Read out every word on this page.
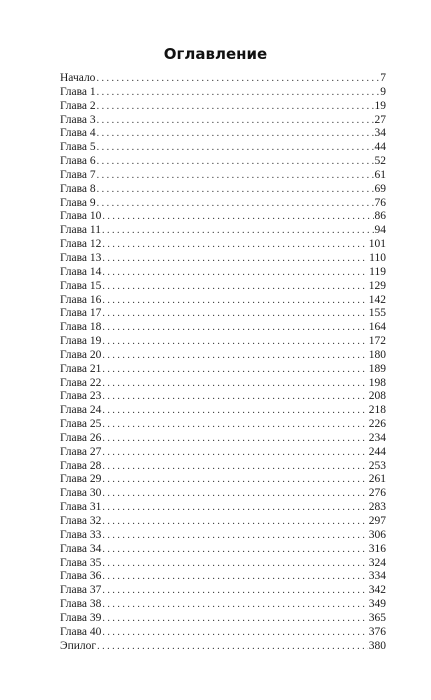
Оглавление
Начало . . .	7
Глава 1 . . .	9
Глава 2 . . .	19
Глава 3 . . .	27
Глава 4 . . .	34
Глава 5 . . .	44
Глава 6 . . .	52
Глава 7 . . .	61
Глава 8 . . .	69
Глава 9 . . .	76
Глава 10 . . .	86
Глава 11 . . .	94
Глава 12 . . .	101
Глава 13 . . .	110
Глава 14 . . .	119
Глава 15 . . .	129
Глава 16 . . .	142
Глава 17 . . .	155
Глава 18 . . .	164
Глава 19 . . .	172
Глава 20 . . .	180
Глава 21 . . .	189
Глава 22 . . .	198
Глава 23 . . .	208
Глава 24 . . .	218
Глава 25 . . .	226
Глава 26 . . .	234
Глава 27 . . .	244
Глава 28 . . .	253
Глава 29 . . .	261
Глава 30 . . .	276
Глава 31 . . .	283
Глава 32 . . .	297
Глава 33 . . .	306
Глава 34 . . .	316
Глава 35 . . .	324
Глава 36 . . .	334
Глава 37 . . .	342
Глава 38 . . .	349
Глава 39 . . .	365
Глава 40 . . .	376
Эпилог . . .	380
